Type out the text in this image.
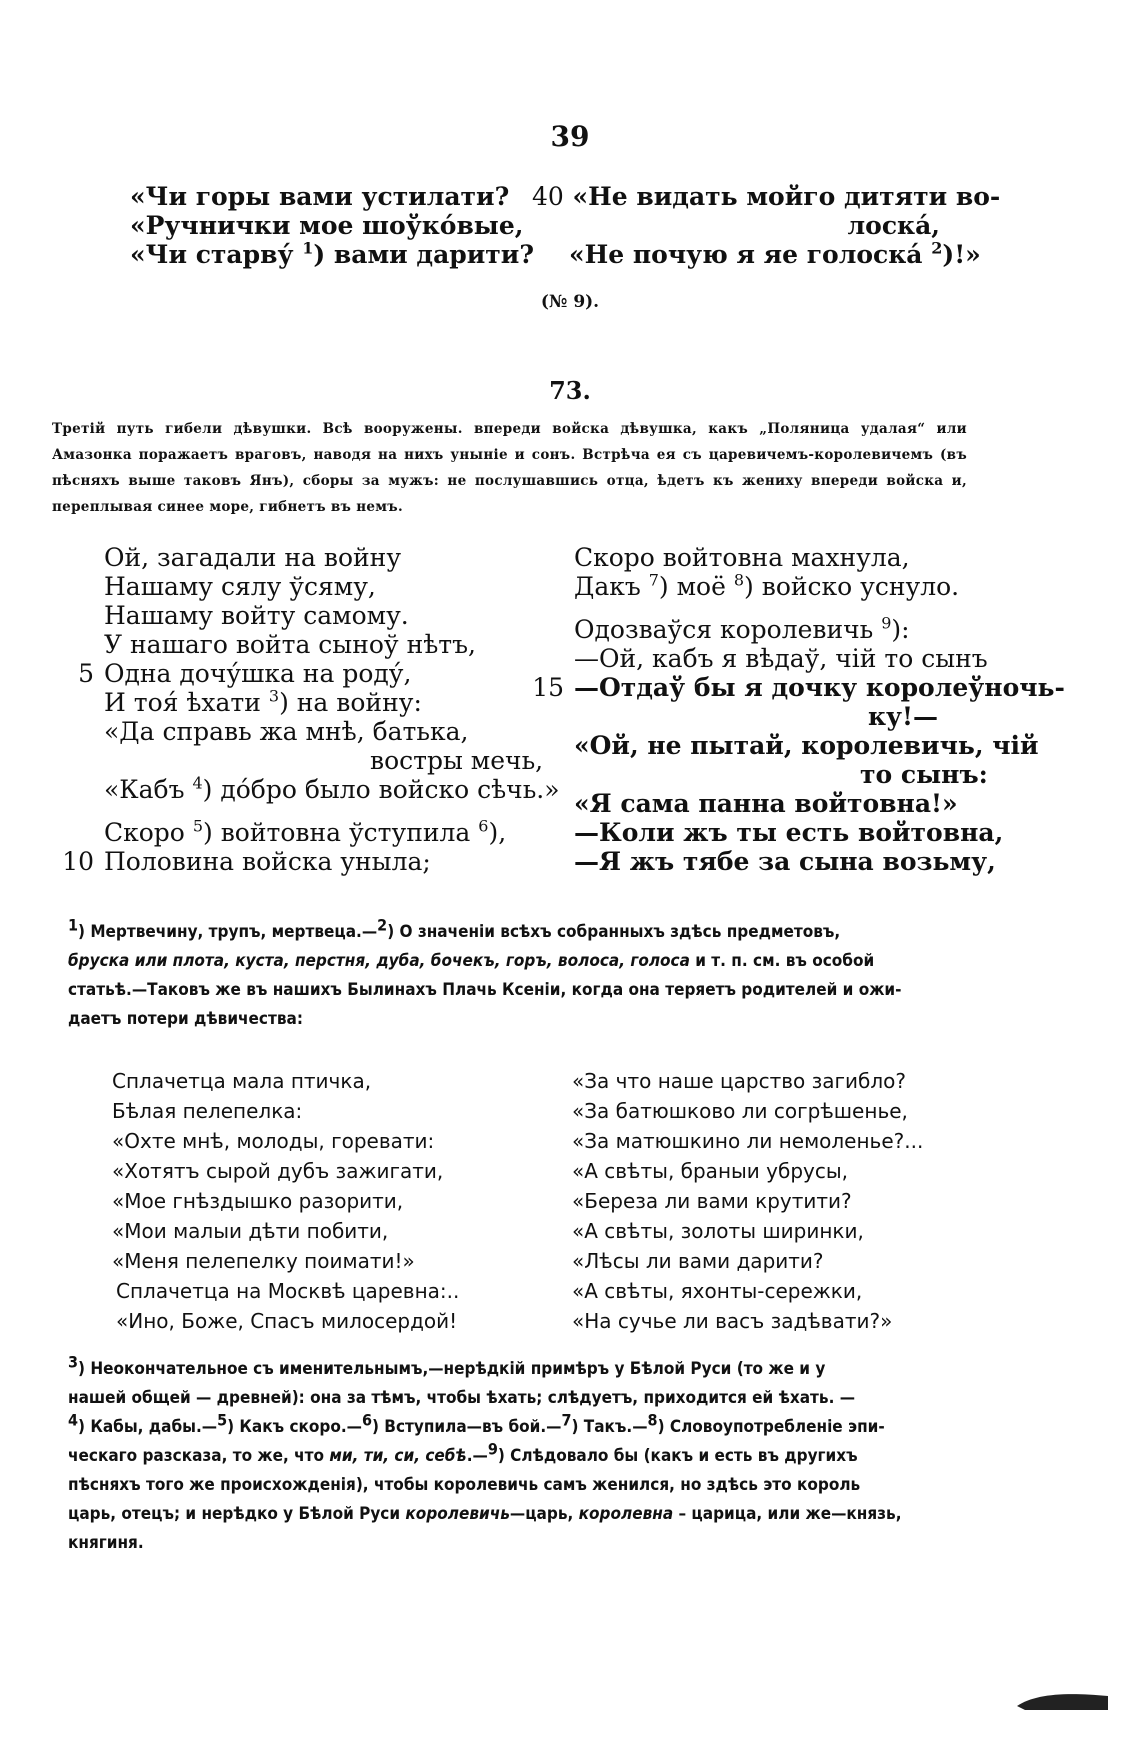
39
«Чи горы вами устилати?
«Ручнички мое шоўко́вые,
«Чи старву́ $^1$) вами дарити?
40 «Не видать мойго дитяти во-
лоска́,
«Не почую я яе голоска́ $^2$)!»
(№ 9).
73.
Третій путь гибели дѣвушки. Всѣ вооружены. впереди войска дѣвушка, какъ „Поляница удалая“ или Амазонка поражаетъ враговъ, наводя на нихъ уныніе и сонъ. Встрѣча ея съ царевичемъ-королевичемъ (въ пѣсняхъ выше таковъ Янъ), сборы за мужъ: не послушавшись отца, ѣдетъ къ жениху впереди войска и, переплывая синее море, гибнетъ въ немъ.
Ой, загадали на войну
Нашаму сялу ўсяму,
Нашаму войту самому.
У нашаго войта сыноў нѣтъ,
5 Одна дочу́шка на роду́,
И тоя́ ѣхати $^3$) на войну:
«Да справь жа мнѣ, батька,
востры мечь,
«Кабъ $^4$) до́бро было войско сѣчь.»
Скоро $^5$) войтовна ўступила $^6$),
10 Половина войска уныла;
Скоро войтовна махнула,
Дакъ $^7$) моё $^8$) войско уснуло.
Одозваўся королевичь $^9$):
—Ой, кабъ я вѣдаў, чій то сынъ
15 —Отдаў бы я дочку королеўночь-
ку!—
«Ой, не пытай, королевичь, чій
то сынъ:
«Я сама панна войтовна!»
—Коли жъ ты есть войтовна,
—Я жъ тябе за сына возьму,
1) Мертвечину, трупъ, мертвеца.—2) О значеніи всѣхъ собранныхъ здѣсь предметовъ,
бруска или плота, куста, перстня, дуба, бочекъ, горъ, волоса, голоса и т. п. см. въ особой
статьѣ.—Таковъ же въ нашихъ Былинахъ Плачь Ксеніи, когда она теряетъ родителей и ожи-
даетъ потери дѣвичества:
Сплачетца мала птичка,
Бѣлая пелепелка:
«Охте мнѣ, молоды, горевати:
«Хотятъ сырой дубъ зажигати,
«Мое гнѣздышко разорити,
«Мои малыи дѣти побити,
«Меня пелепелку поимати!»
Сплачетца на Москвѣ царевна:..
«Ино, Боже, Спасъ милосердой!
«За что наше царство загибло?
«За батюшково ли согрѣшенье,
«За матюшкино ли немоленье?...
«А свѣты, браныи убрусы,
«Береза ли вами крутити?
«А свѣты, золоты ширинки,
«Лѣсы ли вами дарити?
«А свѣты, яхонты-сережки,
«На сучье ли васъ задѣвати?»
3) Неокончательное съ именительнымъ,—нерѣдкій примѣръ у Бѣлой Руси (то же и у
нашей общей — древней): она за тѣмъ, чтобы ѣхать; слѣдуетъ, приходится ей ѣхать. —
4) Кабы, дабы.—5) Какъ скоро.—6) Вступила—въ бой.—7) Такъ.—8) Словоупотребленіе эпи-
ческаго разсказа, то же, что ми, ти, си, себѣ.—9) Слѣдовало бы (какъ и есть въ другихъ
пѣсняхъ того же происхожденія), чтобы королевичь самъ женился, но здѣсь это король
царь, отецъ; и нерѣдко у Бѣлой Руси королевичь—царь, королевна – царица, или же—князь,
княгиня.
